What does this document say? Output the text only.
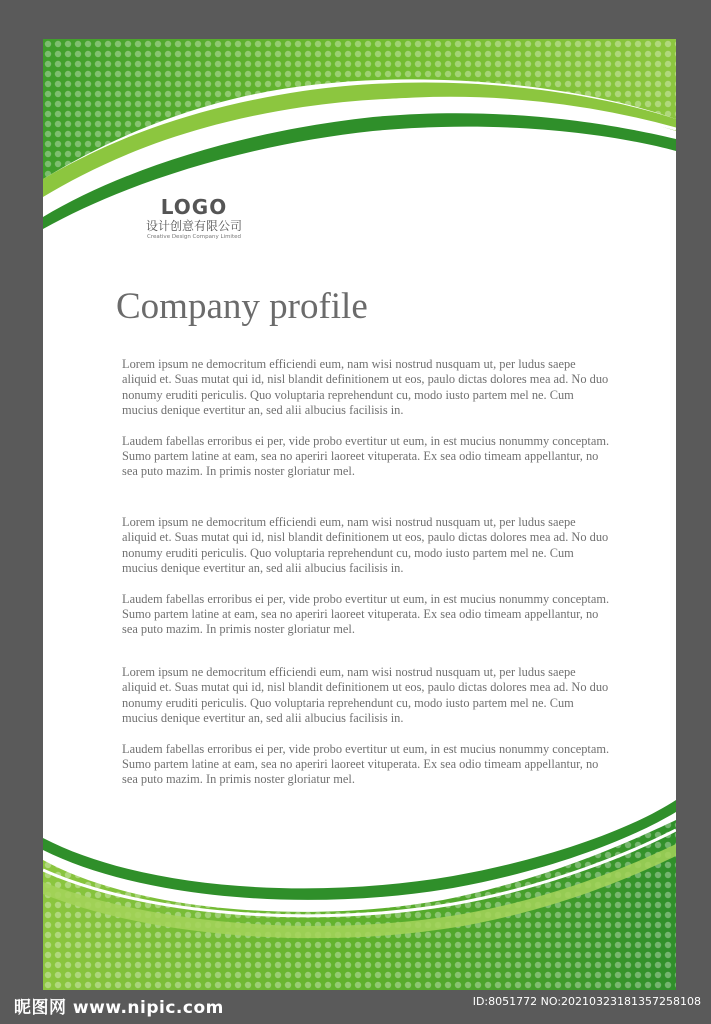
LOGO
设计创意有限公司
Creative Design Company Limited
Company profile

Lorem ipsum ne democritum efficiendi eum, nam wisi nostrud nusquam ut, per ludus saepe aliquid et. Suas mutat qui id, nisl blandit definitionem ut eos, paulo dictas dolores mea ad. No duo nonumy eruditi periculis. Quo voluptaria reprehendunt cu, modo iusto partem mel ne. Cum mucius denique evertitur an, sed alii albucius facilisis in.

Laudem fabellas erroribus ei per, vide probo evertitur ut eum, in est mucius nonummy conceptam. Sumo partem latine at eam, sea no aperiri laoreet vituperata. Ex sea odio timeam appellantur, no sea puto mazim. In primis noster gloriatur mel.

Lorem ipsum ne democritum efficiendi eum, nam wisi nostrud nusquam ut, per ludus saepe aliquid et. Suas mutat qui id, nisl blandit definitionem ut eos, paulo dictas dolores mea ad. No duo nonumy eruditi periculis. Quo voluptaria reprehendunt cu, modo iusto partem mel ne. Cum mucius denique evertitur an, sed alii albucius facilisis in.

Laudem fabellas erroribus ei per, vide probo evertitur ut eum, in est mucius nonummy conceptam. Sumo partem latine at eam, sea no aperiri laoreet vituperata. Ex sea odio timeam appellantur, no sea puto mazim. In primis noster gloriatur mel.

Lorem ipsum ne democritum efficiendi eum, nam wisi nostrud nusquam ut, per ludus saepe aliquid et. Suas mutat qui id, nisl blandit definitionem ut eos, paulo dictas dolores mea ad. No duo nonumy eruditi periculis. Quo voluptaria reprehendunt cu, modo iusto partem mel ne. Cum mucius denique evertitur an, sed alii albucius facilisis in.

Laudem fabellas erroribus ei per, vide probo evertitur ut eum, in est mucius nonummy conceptam. Sumo partem latine at eam, sea no aperiri laoreet vituperata. Ex sea odio timeam appellantur, no sea puto mazim. In primis noster gloriatur mel.

昵图网 www.nipic.com	ID:8051772 NO:20210323181357258108
